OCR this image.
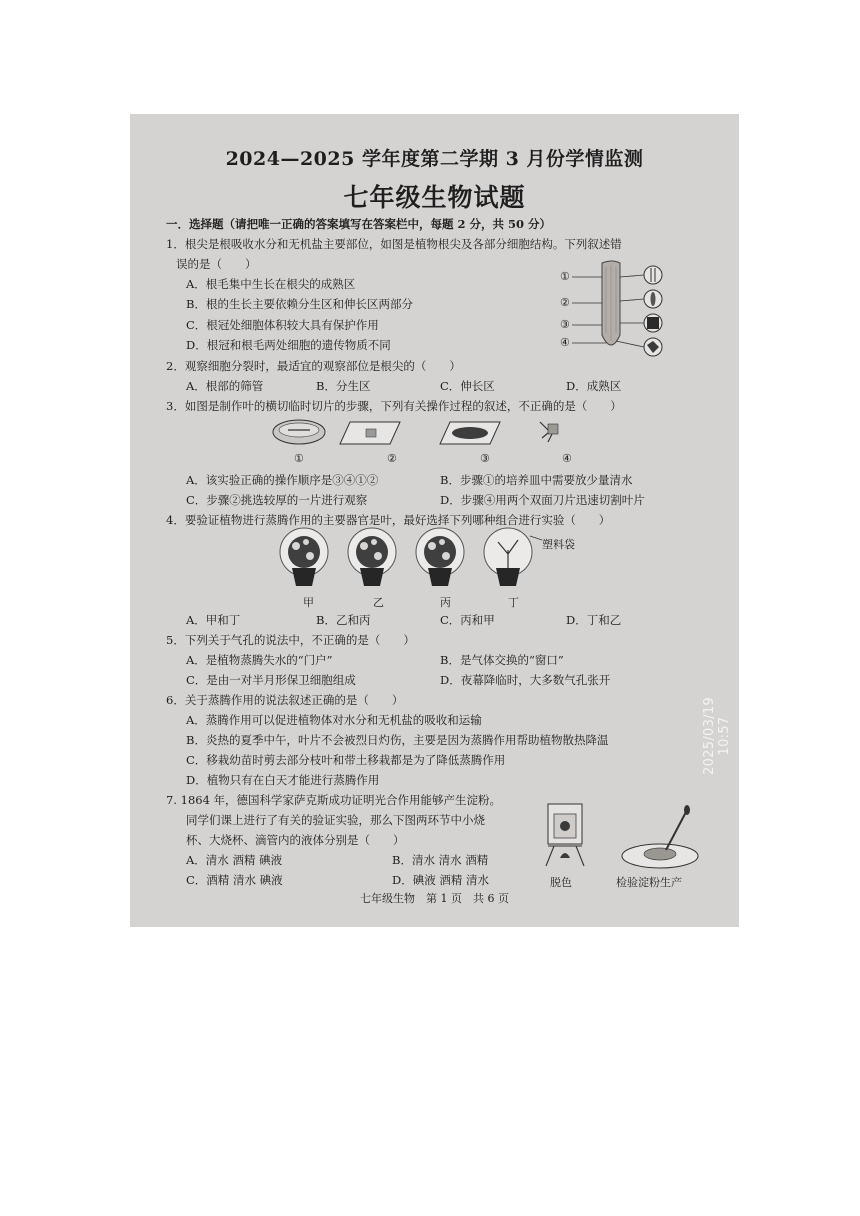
2024—2025 学年度第二学期 3 月份学情监测
七年级生物试题
一．选择题（请把唯一正确的答案填写在答案栏中，每题 2 分，共 50 分）
1．根尖是根吸收水分和无机盐主要部位，如图是植物根尖及各部分细胞结构。下列叙述错
误的是（　　）
A．根毛集中生长在根尖的成熟区
B．根的生长主要依赖分生区和伸长区两部分
C．根冠处细胞体积较大具有保护作用
D．根冠和根毛两处细胞的遗传物质不同
①
②
③
④
2．观察细胞分裂时，最适宜的观察部位是根尖的（　　）
A．根部的筛管	B．分生区	C．伸长区	D．成熟区
3．如图是制作叶的横切临时切片的步骤，下列有关操作过程的叙述，不正确的是（　　）
①	②	③	④
A．该实验正确的操作顺序是③④①②	B．步骤①的培养皿中需要放少量清水
C．步骤②挑选较厚的一片进行观察	D．步骤④用两个双面刀片迅速切割叶片
4．要验证植物进行蒸腾作用的主要器官是叶，最好选择下列哪种组合进行实验（　　）
塑料袋
甲	乙	丙	丁
A．甲和丁	B．乙和丙	C．丙和甲	D．丁和乙
5．下列关于气孔的说法中，不正确的是（　　）
A．是植物蒸腾失水的“门户”	B．是气体交换的“窗口”
C．是由一对半月形保卫细胞组成	D．夜幕降临时，大多数气孔张开
6．关于蒸腾作用的说法叙述正确的是（　　）
A．蒸腾作用可以促进植物体对水分和无机盐的吸收和运输
B．炎热的夏季中午，叶片不会被烈日灼伤，主要是因为蒸腾作用帮助植物散热降温
C．移栽幼苗时剪去部分枝叶和带土移栽都是为了降低蒸腾作用
D．植物只有在白天才能进行蒸腾作用
7. 1864 年，德国科学家萨克斯成功证明光合作用能够产生淀粉。
同学们课上进行了有关的验证实验，那么下图两环节中小烧
杯、大烧杯、滴管内的液体分别是（　　）
A．清水 酒精 碘液	B．清水 清水 酒精
C．酒精 清水 碘液	D．碘液 酒精 清水	脱色	检验淀粉生产
七年级生物　第 1 页　共 6 页
2025/03/19 10:57
